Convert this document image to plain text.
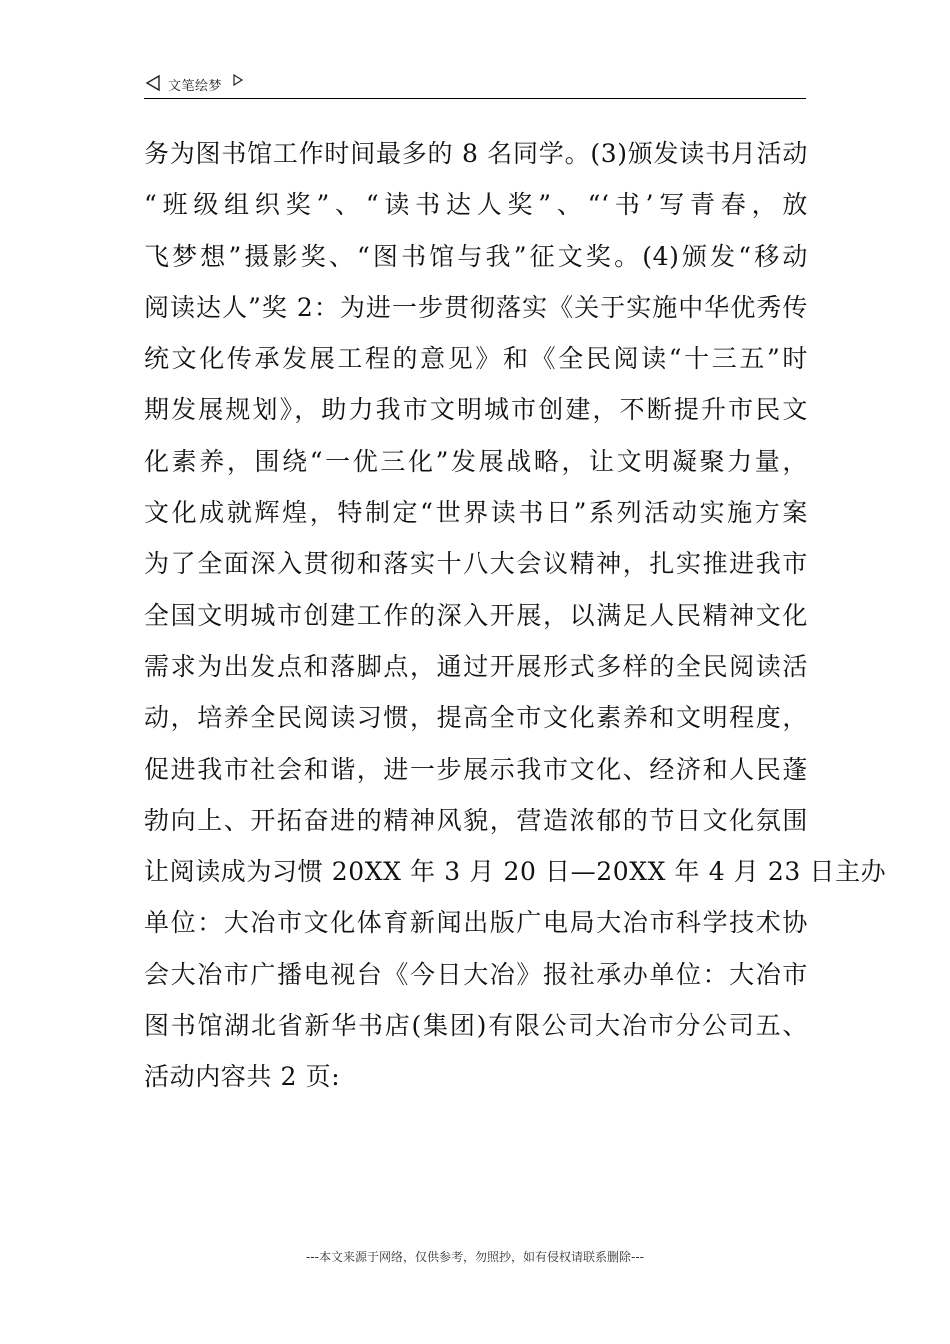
文笔绘梦
务为图书馆工作时间最多的 8 名同学。(3)颁发读书月活动
“班级组织奖”、“读书达人奖”、“‘书’写青春，放
飞梦想”摄影奖、“图书馆与我”征文奖。(4)颁发“移动
阅读达人”奖 2：为进一步贯彻落实《关于实施中华优秀传
统文化传承发展工程的意见》和《全民阅读“十三五”时
期发展规划》，助力我市文明城市创建，不断提升市民文
化素养，围绕“一优三化”发展战略，让文明凝聚力量，
文化成就辉煌，特制定“世界读书日”系列活动实施方案
为了全面深入贯彻和落实十八大会议精神，扎实推进我市
全国文明城市创建工作的深入开展，以满足人民精神文化
需求为出发点和落脚点，通过开展形式多样的全民阅读活
动，培养全民阅读习惯，提高全市文化素养和文明程度，
促进我市社会和谐，进一步展示我市文化、经济和人民蓬
勃向上、开拓奋进的精神风貌，营造浓郁的节日文化氛围
让阅读成为习惯 20XX 年 3 月 20 日—20XX 年 4 月 23 日主办
单位：大冶市文化体育新闻出版广电局大冶市科学技术协
会大冶市广播电视台《今日大冶》报社承办单位：大冶市
图书馆湖北省新华书店(集团)有限公司大冶市分公司五、
活动内容共 2 页:
---本文来源于网络，仅供参考，勿照抄，如有侵权请联系删除---
